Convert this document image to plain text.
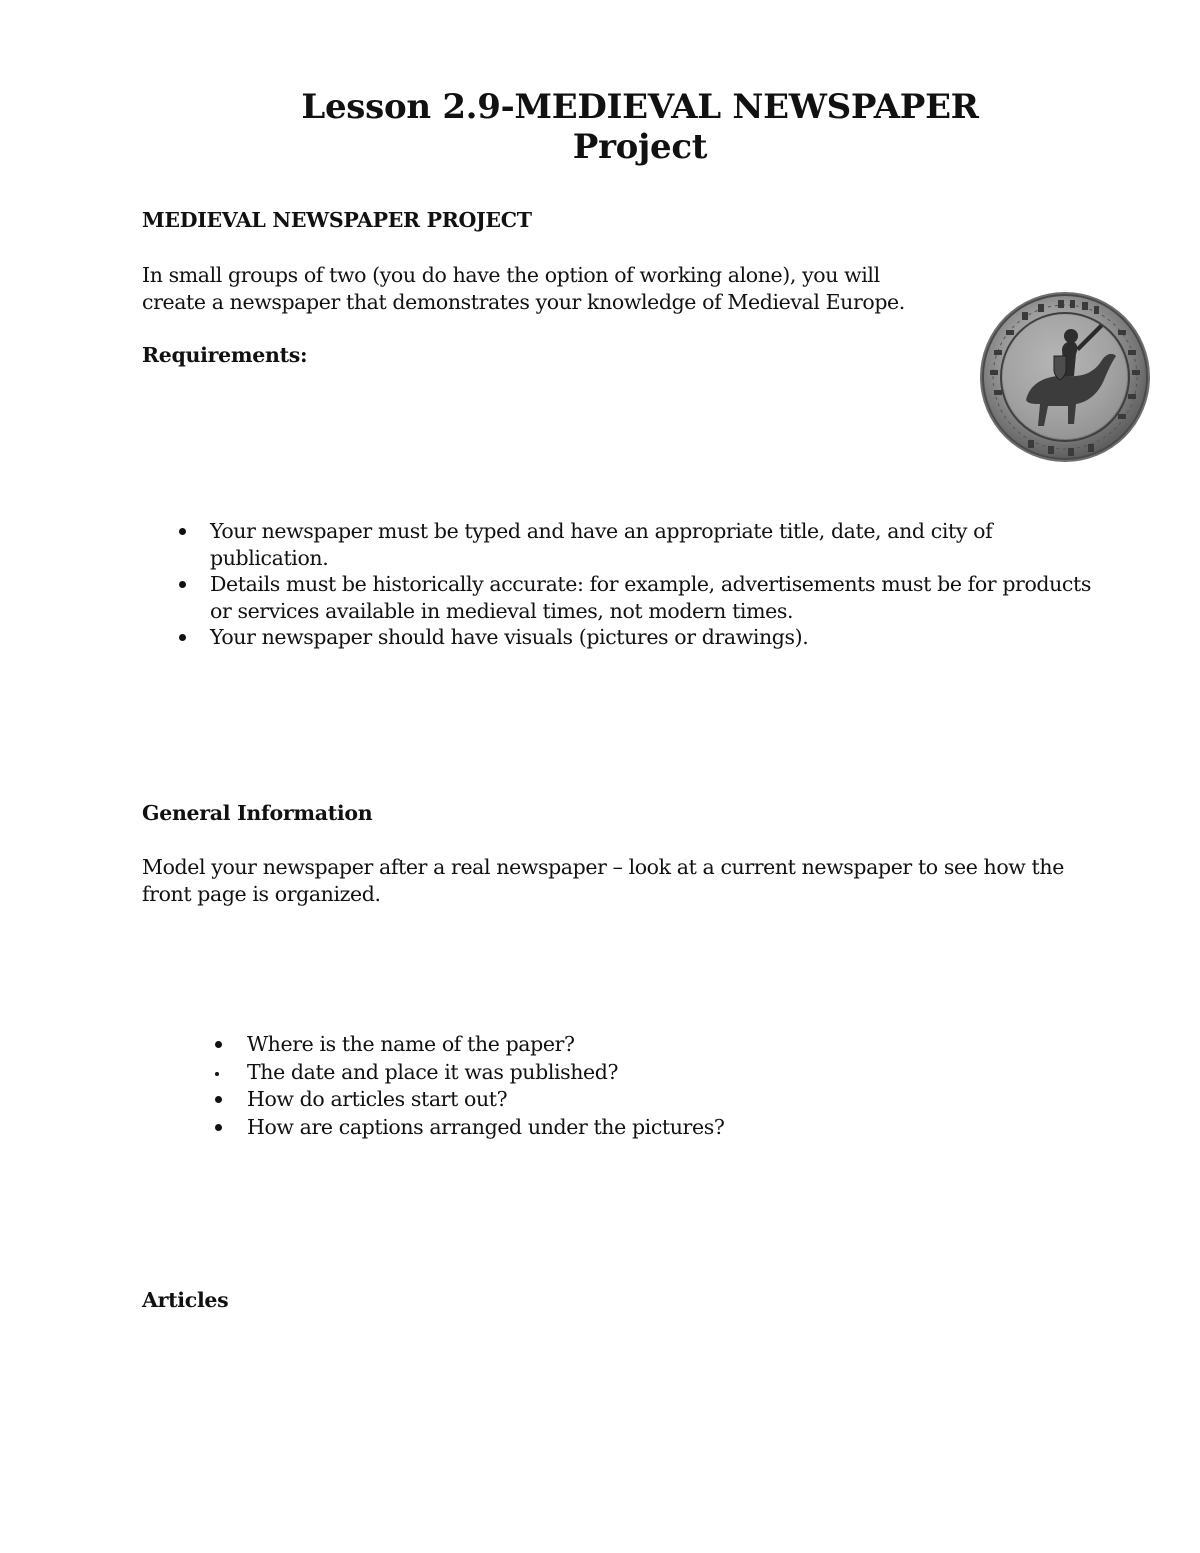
Lesson 2.9-MEDIEVAL NEWSPAPER
Project
MEDIEVAL NEWSPAPER PROJECT
In small groups of two (you do have the option of working alone), you will
create a newspaper that demonstrates your knowledge of Medieval Europe.
Requirements:
Your newspaper must be typed and have an appropriate title, date, and city of
publication.
Details must be historically accurate: for example, advertisements must be for products
or services available in medieval times, not modern times.
Your newspaper should have visuals (pictures or drawings).
General Information
Model your newspaper after a real newspaper – look at a current newspaper to see how the
front page is organized.
Where is the name of the paper?
The date and place it was published?
How do articles start out?
How are captions arranged under the pictures?
Articles
